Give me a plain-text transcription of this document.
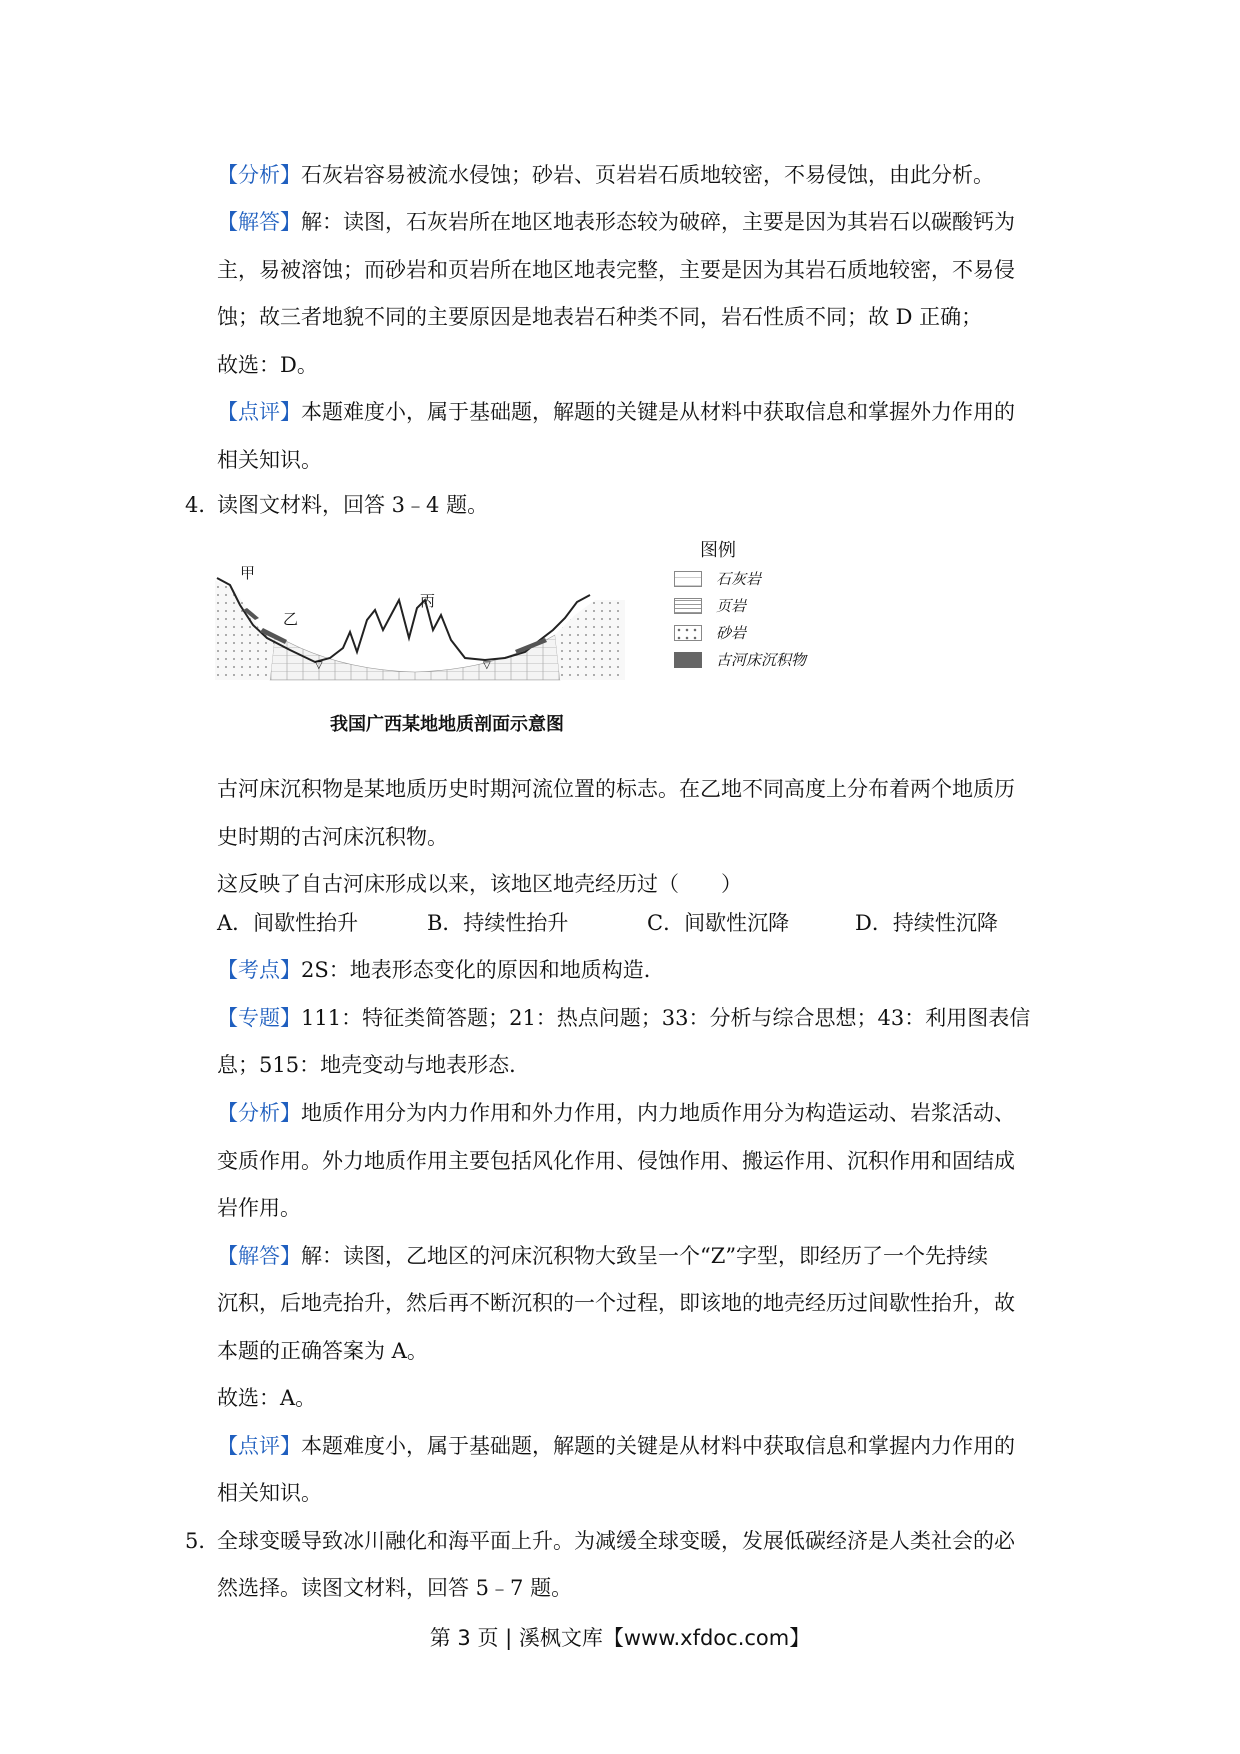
【分析】石灰岩容易被流水侵蚀；砂岩、页岩岩石质地较密，不易侵蚀，由此分析。
【解答】解：读图，石灰岩所在地区地表形态较为破碎，主要是因为其岩石以碳酸钙为
主，易被溶蚀；而砂岩和页岩所在地区地表完整，主要是因为其岩石质地较密，不易侵
蚀；故三者地貌不同的主要原因是地表岩石种类不同，岩石性质不同；故 D 正确；
故选：D。
【点评】本题难度小，属于基础题，解题的关键是从材料中获取信息和掌握外力作用的
相关知识。
4．
读图文材料，回答 3﹣4 题。
▽	▽
甲
乙
丙
图例
石灰岩
页岩
砂岩
古河床沉积物
我国广西某地地质剖面示意图
古河床沉积物是某地质历史时期河流位置的标志。在乙地不同高度上分布着两个地质历
史时期的古河床沉积物。
这反映了自古河床形成以来，该地区地壳经历过（　　）
A．间歇性抬升	B．持续性抬升	C．间歇性沉降	D．持续性沉降
【考点】2S：地表形态变化的原因和地质构造．
【专题】111：特征类简答题；21：热点问题；33：分析与综合思想；43：利用图表信
息；515：地壳变动与地表形态．
【分析】地质作用分为内力作用和外力作用，内力地质作用分为构造运动、岩浆活动、
变质作用。外力地质作用主要包括风化作用、侵蚀作用、搬运作用、沉积作用和固结成
岩作用。
【解答】解：读图，乙地区的河床沉积物大致呈一个“Z”字型，即经历了一个先持续
沉积，后地壳抬升，然后再不断沉积的一个过程，即该地的地壳经历过间歇性抬升，故
本题的正确答案为 A。
故选：A。
【点评】本题难度小，属于基础题，解题的关键是从材料中获取信息和掌握内力作用的
相关知识。
5．
全球变暖导致冰川融化和海平面上升。为减缓全球变暖，发展低碳经济是人类社会的必
然选择。读图文材料，回答 5﹣7 题。
第 3 页 | 溪枫文库【www.xfdoc.com】
